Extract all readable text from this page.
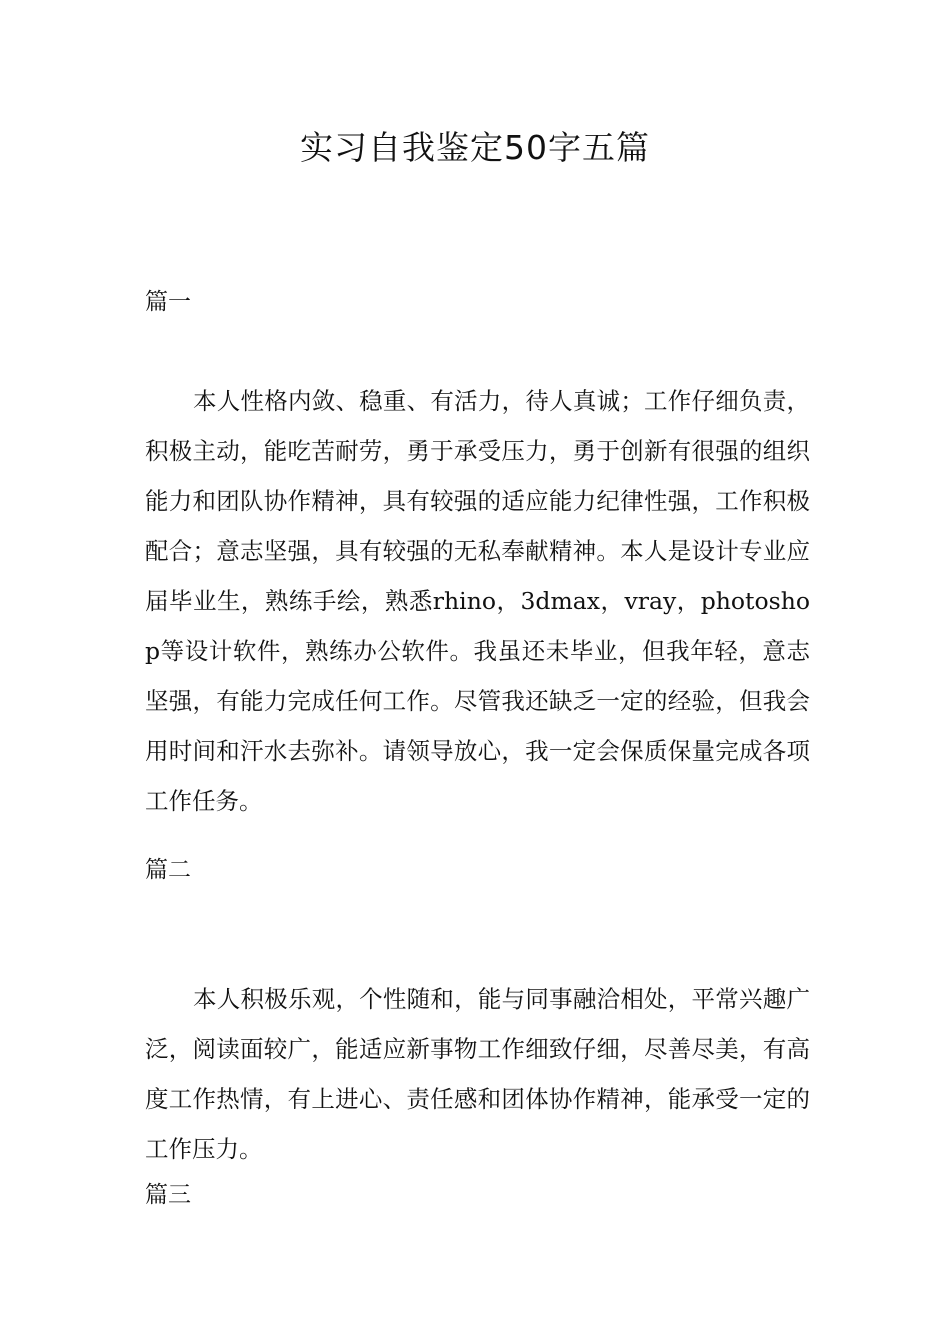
实习自我鉴定50字五篇
篇一

本人性格内敛、稳重、有活力，待人真诚；工作仔细负责，积极主动，能吃苦耐劳，勇于承受压力，勇于创新有很强的组织能力和团队协作精神，具有较强的适应能力纪律性强，工作积极配合；意志坚强，具有较强的无私奉献精神。本人是设计专业应届毕业生，熟练手绘，熟悉rhino，3dmax，vray，photoshop等设计软件，熟练办公软件。我虽还未毕业，但我年轻，意志坚强，有能力完成任何工作。尽管我还缺乏一定的经验，但我会用时间和汗水去弥补。请领导放心，我一定会保质保量完成各项工作任务。

篇二

本人积极乐观，个性随和，能与同事融洽相处，平常兴趣广泛，阅读面较广，能适应新事物工作细致仔细，尽善尽美，有高度工作热情，有上进心、责任感和团体协作精神，能承受一定的工作压力。

篇三
